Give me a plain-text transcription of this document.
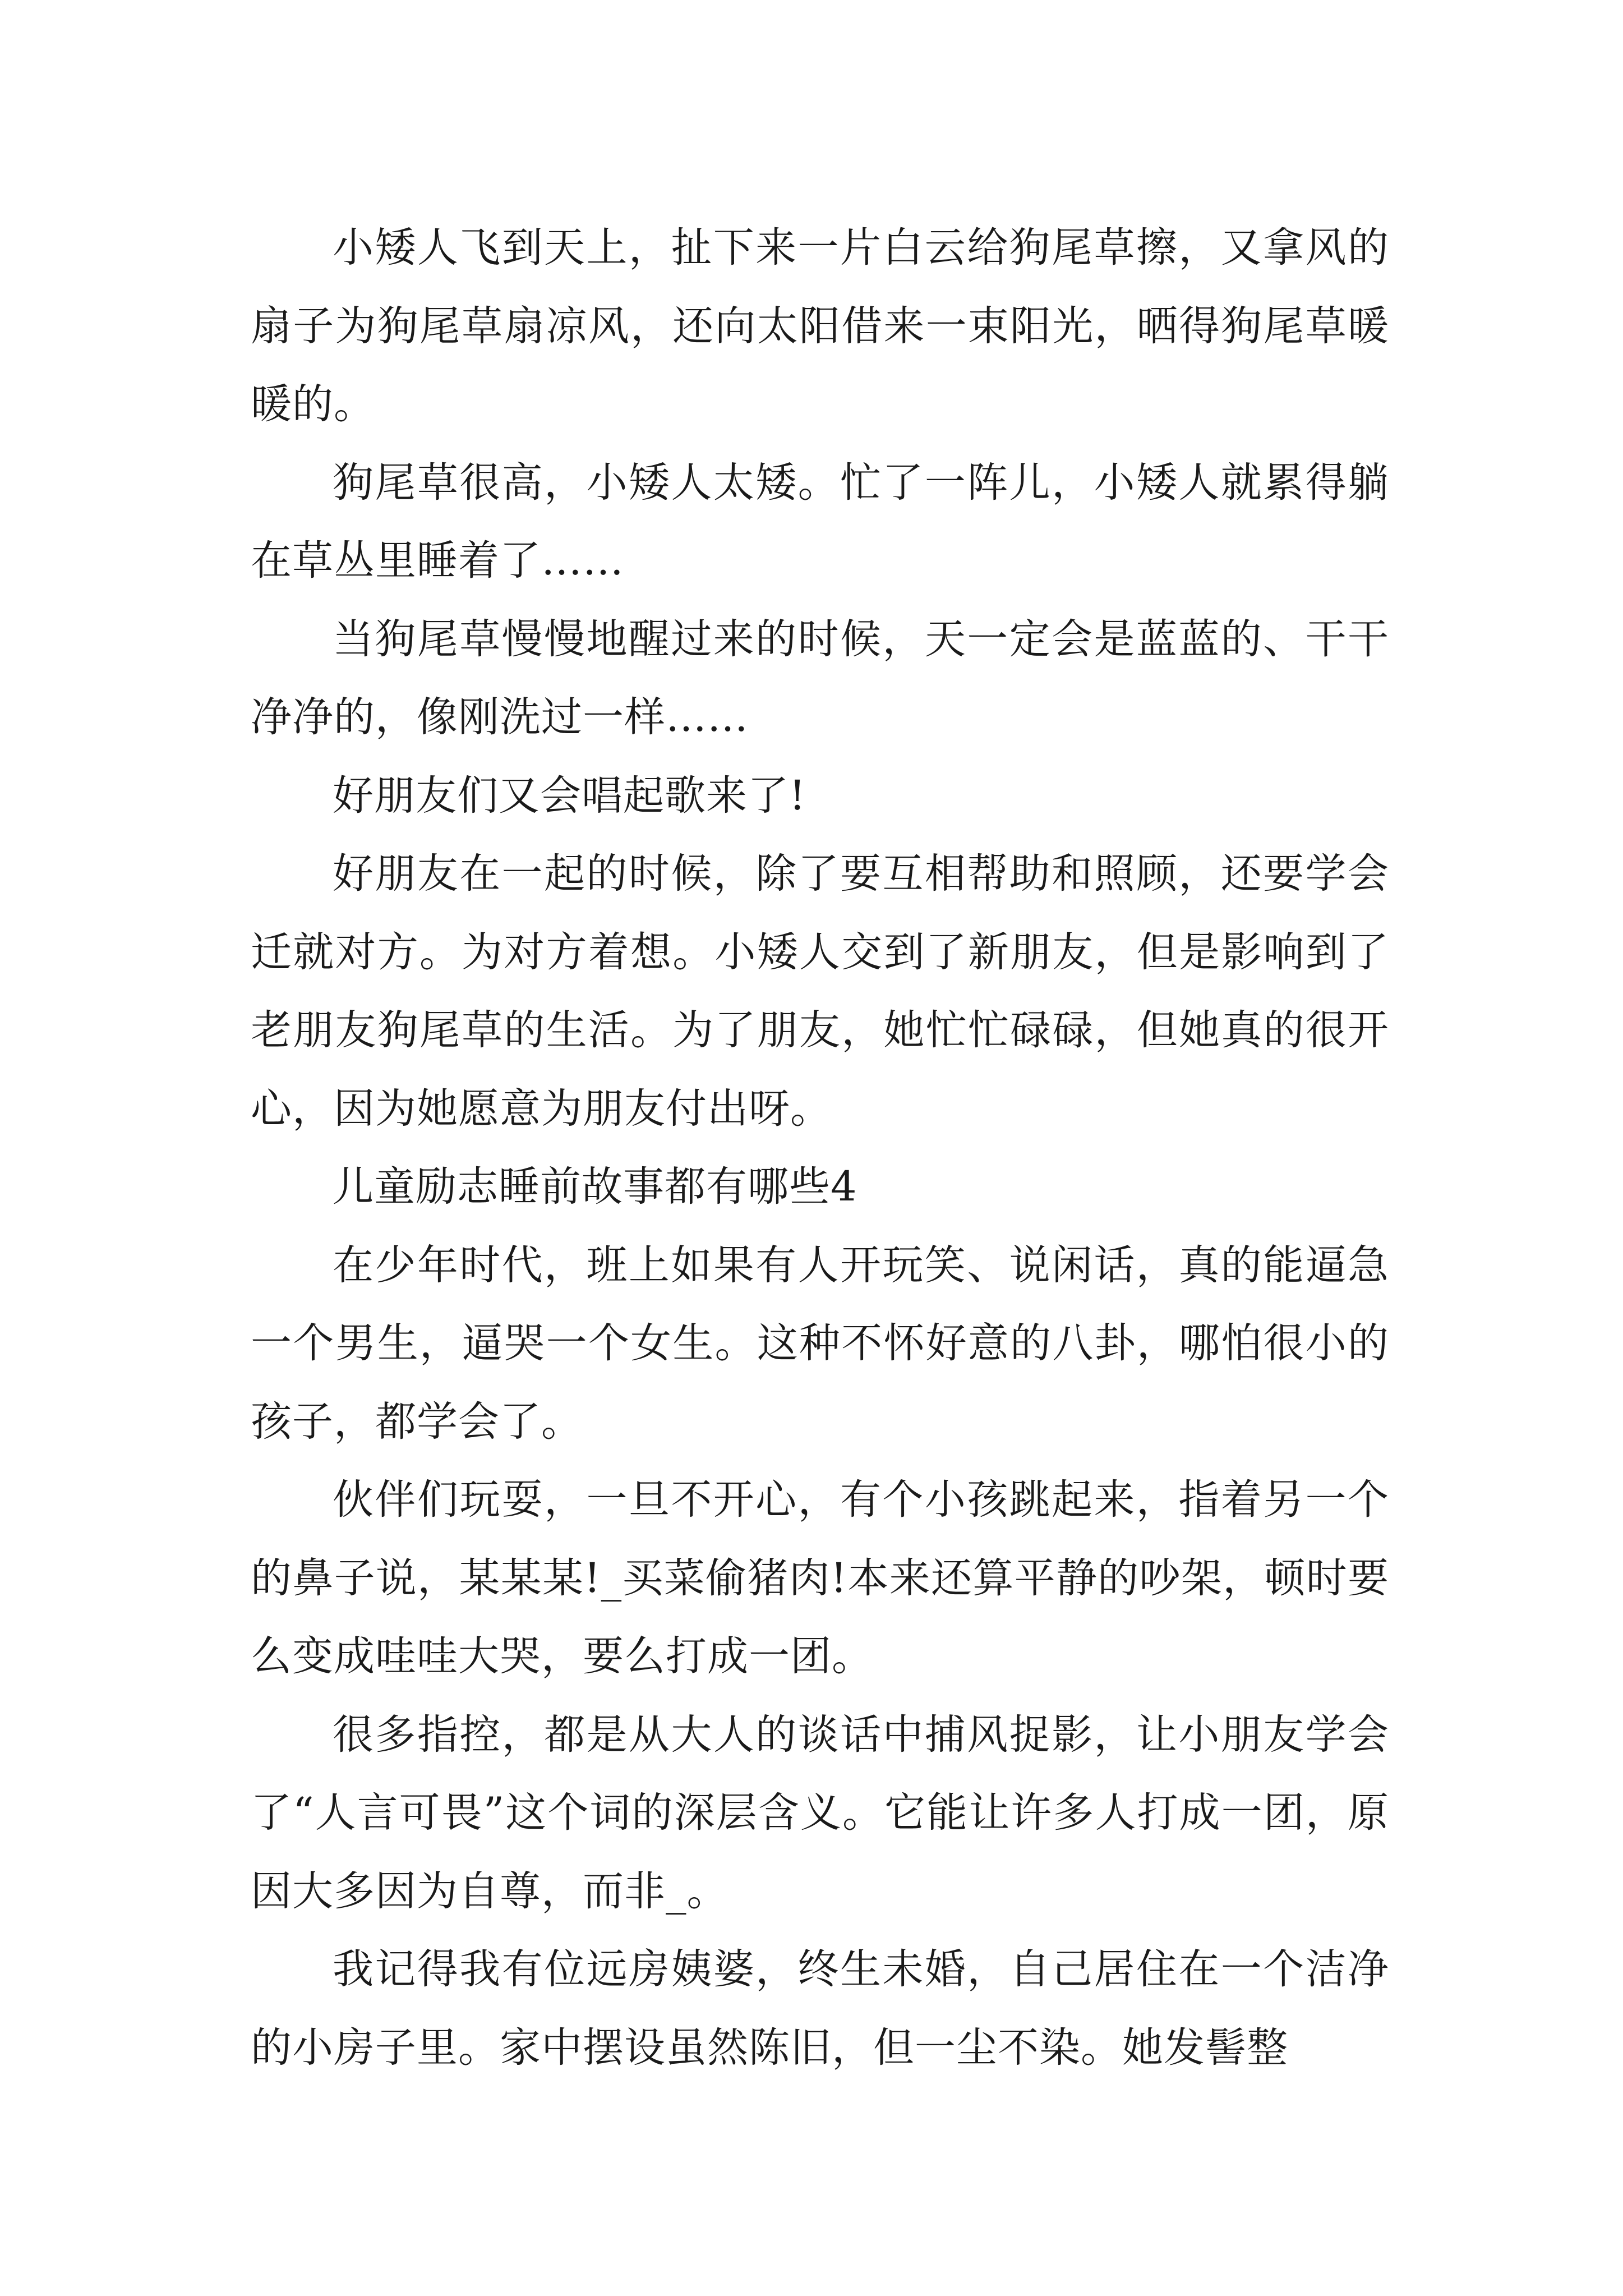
小矮人飞到天上，扯下来一片白云给狗尾草擦，又拿风的扇子为狗尾草扇凉风，还向太阳借来一束阳光，晒得狗尾草暖暖的。

狗尾草很高，小矮人太矮。忙了一阵儿，小矮人就累得躺在草丛里睡着了……

当狗尾草慢慢地醒过来的时候，天一定会是蓝蓝的、干干净净的，像刚洗过一样……

好朋友们又会唱起歌来了!

好朋友在一起的时候，除了要互相帮助和照顾，还要学会迁就对方。为对方着想。小矮人交到了新朋友，但是影响到了老朋友狗尾草的生活。为了朋友，她忙忙碌碌，但她真的很开心，因为她愿意为朋友付出呀。

儿童励志睡前故事都有哪些4

在少年时代，班上如果有人开玩笑、说闲话，真的能逼急一个男生，逼哭一个女生。这种不怀好意的八卦，哪怕很小的孩子，都学会了。

伙伴们玩耍，一旦不开心，有个小孩跳起来，指着另一个的鼻子说，某某某!_买菜偷猪肉!本来还算平静的吵架，顿时要么变成哇哇大哭，要么打成一团。

很多指控，都是从大人的谈话中捕风捉影，让小朋友学会了“人言可畏”这个词的深层含义。它能让许多人打成一团，原因大多因为自尊，而非_。

我记得我有位远房姨婆，终生未婚，自己居住在一个洁净的小房子里。家中摆设虽然陈旧，但一尘不染。她发髻整
